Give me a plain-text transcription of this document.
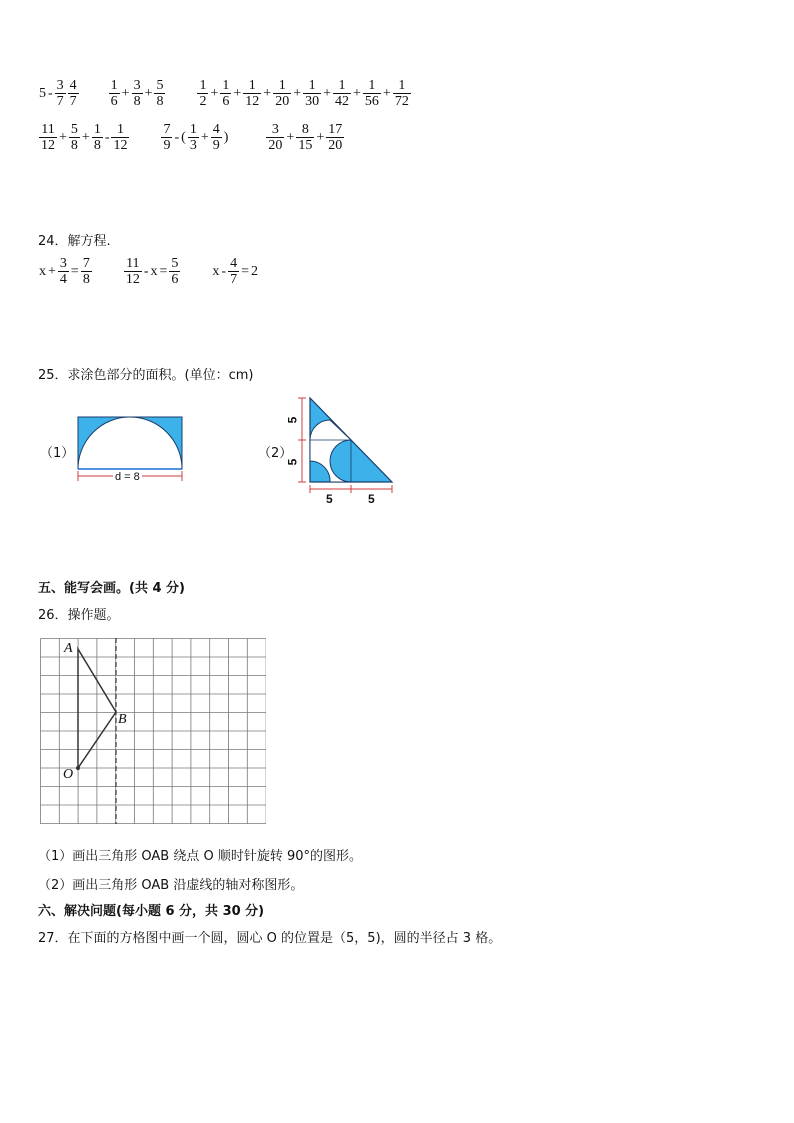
$5 - \frac{3}{7} \frac{4}{7} \frac{1}{6} + \frac{3}{8} + \frac{5}{8} \frac{1}{2} + \frac{1}{6} + \frac{1}{12} + \frac{1}{20} + \frac{1}{30} + \frac{1}{42} + \frac{1}{56} + \frac{1}{72}$
$\frac{11}{12} + \frac{5}{8} + \frac{1}{8} - \frac{1}{12} \frac{7}{9}$ - ( $\frac{1}{3} + \frac{4}{9}$ )	$\frac{3}{20} + \frac{8}{15} + \frac{17}{20}$
24．解方程.
$x + \frac{3}{4} = \frac{7}{8} \frac{11}{12} - x = \frac{5}{6}$ $x - \frac{4}{7} = 2$
25．求涂色部分的面积。(单位：cm)
（1）
d = 8
（2）
5
5
5	5
五、能写会画。(共 4 分)
26．操作题。
A
B
O
（1）画出三角形 OAB 绕点 O 顺时针旋转 90°的图形。
（2）画出三角形 OAB 沿虚线的轴对称图形。
六、解决问题(每小题 6 分，共 30 分)
27．在下面的方格图中画一个圆，圆心 O 的位置是（5，5)，圆的半径占 3 格。
